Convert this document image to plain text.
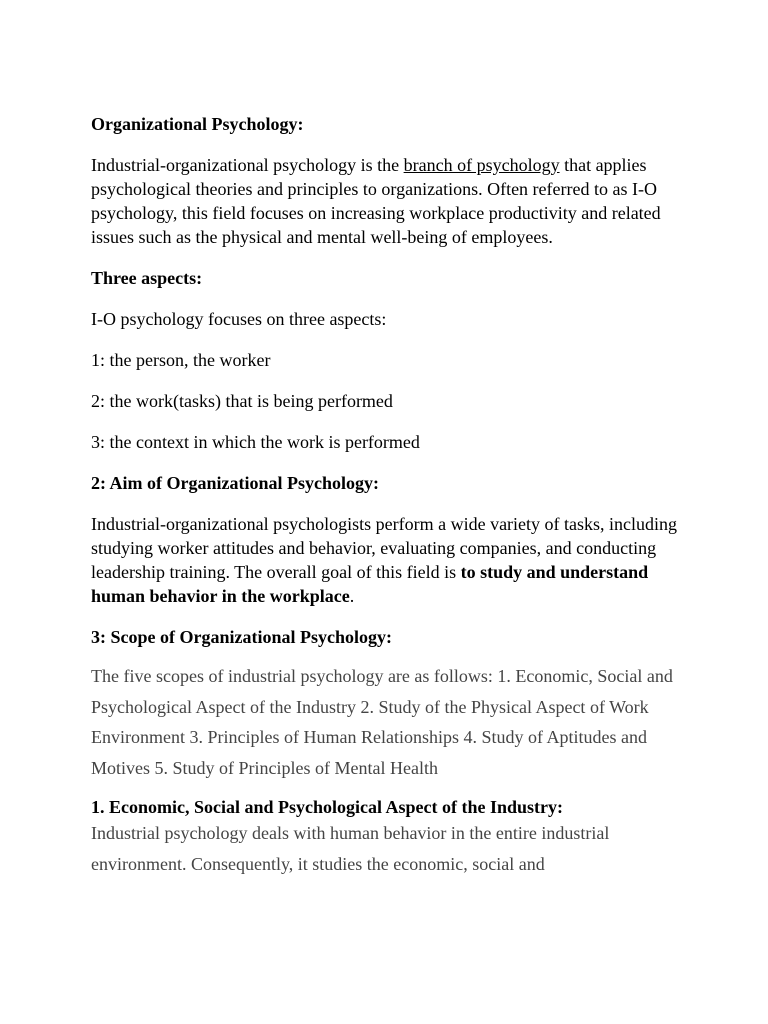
Organizational Psychology:

Industrial-organizational psychology is the branch of psychology that applies psychological theories and principles to organizations. Often referred to as I-O psychology, this field focuses on increasing workplace productivity and related issues such as the physical and mental well-being of employees.

Three aspects:

I-O psychology focuses on three aspects:

1: the person, the worker

2: the work(tasks) that is being performed

3: the context in which the work is performed

2: Aim of Organizational Psychology:

Industrial-organizational psychologists perform a wide variety of tasks, including studying worker attitudes and behavior, evaluating companies, and conducting leadership training. The overall goal of this field is to study and understand human behavior in the workplace.

3: Scope of Organizational Psychology:

The five scopes of industrial psychology are as follows: 1. Economic, Social and Psychological Aspect of the Industry 2. Study of the Physical Aspect of Work Environment 3. Principles of Human Relationships 4. Study of Aptitudes and Motives 5. Study of Principles of Mental Health

1. Economic, Social and Psychological Aspect of the Industry:

Industrial psychology deals with human behavior in the entire industrial environment. Consequently, it studies the economic, social and
